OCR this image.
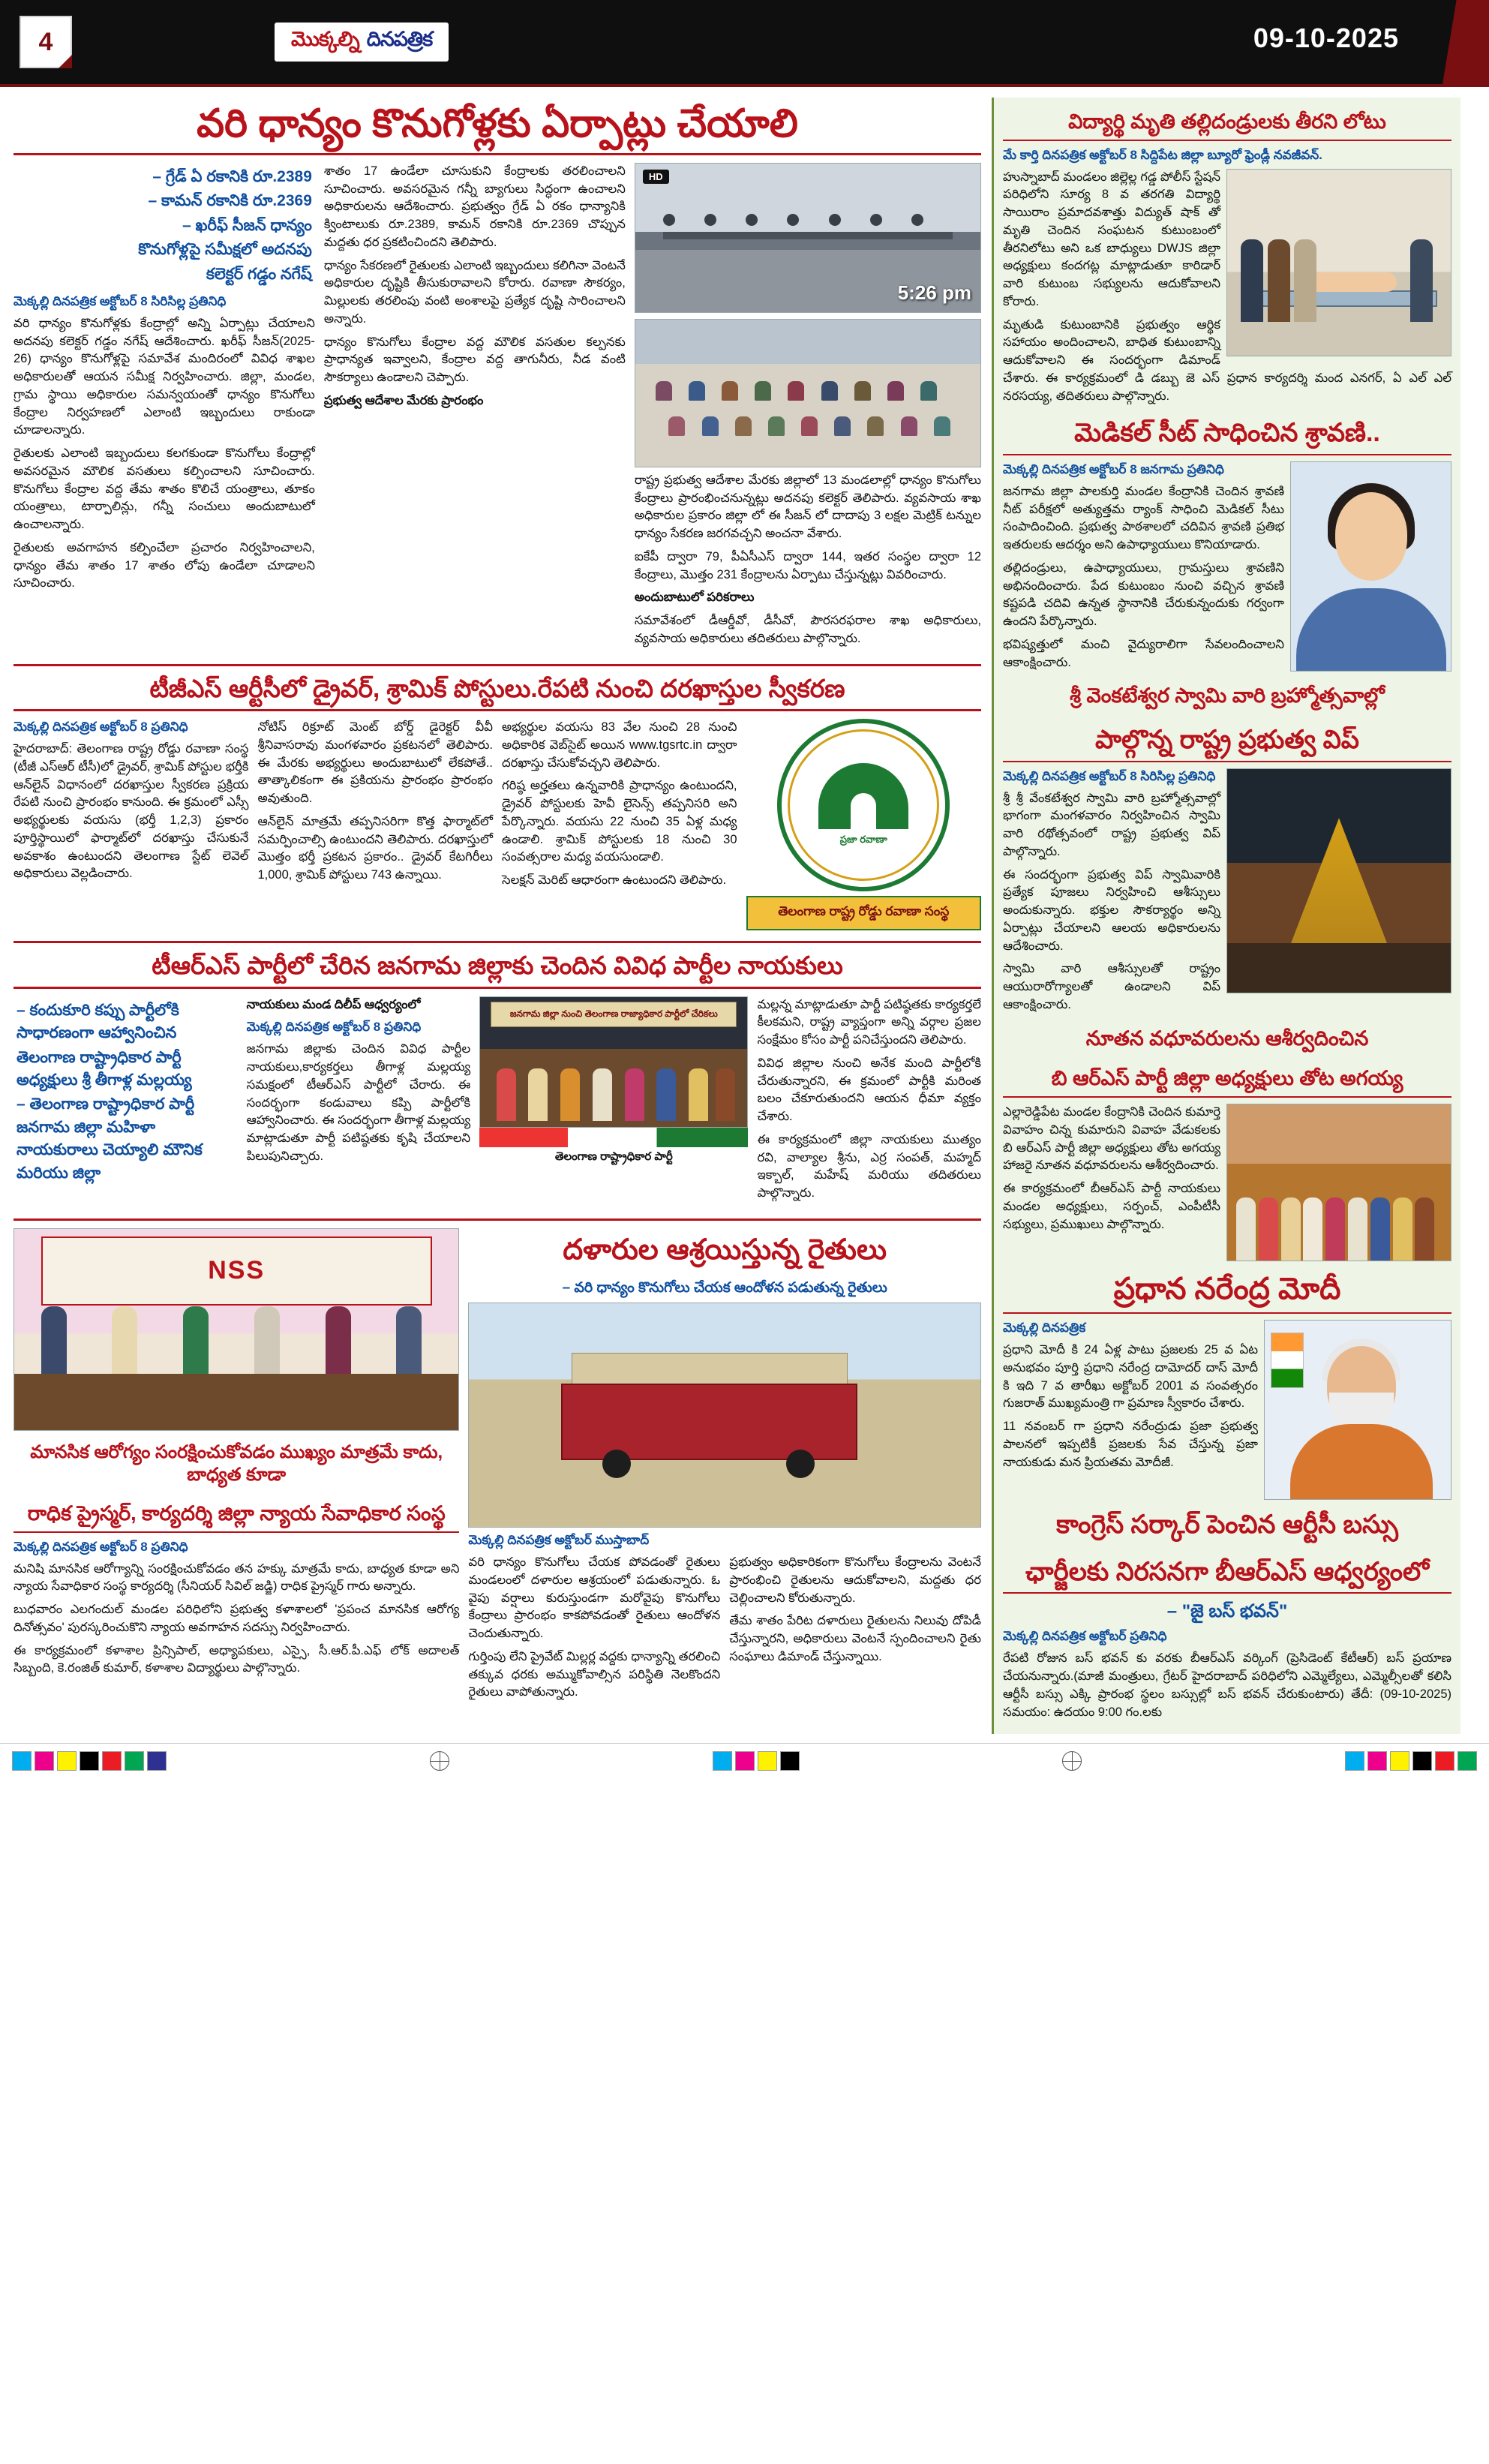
4	మొక్కల్ని దినపత్రిక	09-10-2025
వరి ధాన్యం కొనుగోళ్లకు ఏర్పాట్లు చేయాలి
– గ్రేడ్ ఏ రకానికి రూ.2389
– కామన్ రకానికి రూ.2369
– ఖరీఫ్ సీజన్ ధాన్యం
కొనుగోళ్లపై సమీక్షలో అదనపు
కలెక్టర్ గడ్డం నగేష్
మెక్కల్లి దినపత్రిక అక్టోబర్ 8 సిరిసిల్ల ప్రతినిధి

వరి ధాన్యం కొనుగోళ్లకు కేంద్రాల్లో అన్ని ఏర్పాట్లు చేయాలని అదనపు కలెక్టర్ గడ్డం నగేష్ ఆదేశించారు. ఖరీఫ్ సీజన్(2025-26) ధాన్యం కొనుగోళ్లపై సమావేశ మందిరంలో వివిధ శాఖల అధికారులతో ఆయన సమీక్ష నిర్వహించారు. జిల్లా, మండల, గ్రామ స్థాయి అధికారుల సమన్వయంతో ధాన్యం కొనుగోలు కేంద్రాల నిర్వహణలో ఎలాంటి ఇబ్బందులు రాకుండా చూడాలన్నారు.

రైతులకు ఎలాంటి ఇబ్బందులు కలగకుండా కొనుగోలు కేంద్రాల్లో అవసరమైన మౌలిక వసతులు కల్పించాలని సూచించారు. కొనుగోలు కేంద్రాల వద్ద తేమ శాతం కొలిచే యంత్రాలు, తూకం యంత్రాలు, టార్పాలిన్లు, గన్నీ సంచులు అందుబాటులో ఉంచాలన్నారు.

రైతులకు అవగాహన కల్పించేలా ప్రచారం నిర్వహించాలని, ధాన్యం తేమ శాతం 17 శాతం లోపు ఉండేలా చూడాలని సూచించారు.

శాతం 17 ఉండేలా చూసుకుని కేంద్రాలకు తరలించాలని సూచించారు. అవసరమైన గన్నీ బ్యాగులు సిద్ధంగా ఉంచాలని అధికారులను ఆదేశించారు. ప్రభుత్వం గ్రేడ్ ఏ రకం ధాన్యానికి క్వింటాలుకు రూ.2389, కామన్ రకానికి రూ.2369 చొప్పున మద్దతు ధర ప్రకటించిందని తెలిపారు.

ధాన్యం సేకరణలో రైతులకు ఎలాంటి ఇబ్బందులు కలిగినా వెంటనే అధికారుల దృష్టికి తీసుకురావాలని కోరారు. రవాణా సౌకర్యం, మిల్లులకు తరలింపు వంటి అంశాలపై ప్రత్యేక దృష్టి సారించాలని అన్నారు.

ధాన్యం కొనుగోలు కేంద్రాల వద్ద మౌలిక వసతుల కల్పనకు ప్రాధాన్యత ఇవ్వాలని, కేంద్రాల వద్ద తాగునీరు, నీడ వంటి సౌకర్యాలు ఉండాలని చెప్పారు.

ప్రభుత్వ ఆదేశాల మేరకు ప్రారంభం

HD
5:26 pm

రాష్ట్ర ప్రభుత్వ ఆదేశాల మేరకు జిల్లాలో 13 మండలాల్లో ధాన్యం కొనుగోలు కేంద్రాలు ప్రారంభించనున్నట్లు అదనపు కలెక్టర్ తెలిపారు. వ్యవసాయ శాఖ అధికారుల ప్రకారం జిల్లా లో ఈ సీజన్ లో దాదాపు 3 లక్షల మెట్రిక్ టన్నుల ధాన్యం సేకరణ జరగవచ్చని అంచనా వేశారు.

ఐకేపీ ద్వారా 79, పీఏసీఎస్ ద్వారా 144, ఇతర సంస్థల ద్వారా 12 కేంద్రాలు, మొత్తం 231 కేంద్రాలను ఏర్పాటు చేస్తున్నట్లు వివరించారు.

అందుబాటులో పరికరాలు

సమావేశంలో డీఆర్డీవో, డీసీవో, పౌరసరఫరాల శాఖ అధికారులు, వ్యవసాయ అధికారులు తదితరులు పాల్గొన్నారు.

టీజీఎస్ ఆర్టీసీలో డ్రైవర్, శ్రామిక్ పోస్టులు.రేపటి నుంచి దరఖాస్తుల స్వీకరణ
మెక్కల్లి దినపత్రిక అక్టోబర్ 8 ప్రతినిధి

హైదరాబాద్: తెలంగాణ రాష్ట్ర రోడ్డు రవాణా సంస్థ (టీజీ ఎస్ఆర్ టీసీ)లో డ్రైవర్, శ్రామిక్ పోస్టుల భర్తీకి ఆన్‌లైన్ విధానంలో దరఖాస్తుల స్వీకరణ ప్రక్రియ రేపటి నుంచి ప్రారంభం కానుంది. ఈ క్రమంలో ఎస్సీ అభ్యర్థులకు వయసు (భర్తీ 1,2,3) ప్రకారం పూర్తిస్థాయిలో ఫార్మాట్‌లో దరఖాస్తు చేసుకునే అవకాశం ఉంటుందని తెలంగాణ స్టేట్ లెవెల్ అధికారులు వెల్లడించారు.

నోటిస్ రిక్రూట్ మెంట్ బోర్డ్ డైరెక్టర్ వీవీ శ్రీనివాసరావు మంగళవారం ప్రకటనలో తెలిపారు. ఈ మేరకు అభ్యర్థులు అందుబాటులో లేకపోతే.. తాత్కాలికంగా ఈ ప్రకియను ప్రారంభం ప్రారంభం అవుతుంది.

ఆన్‌లైన్ మాత్రమే తప్పనిసరిగా కొత్త ఫార్మాట్‌లో సమర్పించాల్సి ఉంటుందని తెలిపారు. దరఖాస్తులో మొత్తం భర్తీ ప్రకటన ప్రకారం.. డ్రైవర్ కేటగిరీలు 1,000, శ్రామిక్ పోస్టులు 743 ఉన్నాయి.

అభ్యర్థుల వయసు 83 వేల నుంచి 28 నుంచి అధికారిక వెబ్‌సైట్ అయిన www.tgsrtc.in ద్వారా దరఖాస్తు చేసుకోవచ్చని తెలిపారు.

గరిష్ఠ అర్హతలు ఉన్నవారికి ప్రాధాన్యం ఉంటుందని, డ్రైవర్ పోస్టులకు హెవీ లైసెన్స్ తప్పనిసరి అని పేర్కొన్నారు. వయసు 22 నుంచి 35 ఏళ్ల మధ్య ఉండాలి. శ్రామిక్ పోస్టులకు 18 నుంచి 30 సంవత్సరాల మధ్య వయసుండాలి.

సెలక్షన్ మెరిట్ ఆధారంగా ఉంటుందని తెలిపారు.

ప్రజా రవాణా
తెలంగాణ రాష్ట్ర రోడ్డు రవాణా సంస్థ
టీఆర్ఎస్ పార్టీలో చేరిన జనగామ జిల్లాకు చెందిన వివిధ పార్టీల నాయకులు
– కందుకూరి కప్పు పార్టీలోకి సాధారణంగా ఆహ్వానించిన
తెలంగాణ రాష్ట్రాధికార పార్టీ అధ్యక్షులు శ్రీ తీగాళ్ల మల్లయ్య
– తెలంగాణ రాష్ట్రాధికార పార్టీ జనగామ జిల్లా మహిళా నాయకురాలు చెయ్యాలి మౌనిక మరియు జిల్లా

నాయకులు మండ దిలీప్ ఆధ్వర్యంలో

మెక్కల్లి దినపత్రిక అక్టోబర్ 8 ప్రతినిధి

జనగామ జిల్లాకు చెందిన వివిధ పార్టీల నాయకులు,కార్యకర్తలు తీగాళ్ల మల్లయ్య సమక్షంలో టీఆర్ఎస్ పార్టీలో చేరారు. ఈ సందర్భంగా కండువాలు కప్పి పార్టీలోకి ఆహ్వానించారు. ఈ సందర్భంగా తీగాళ్ల మల్లయ్య మాట్లాడుతూ పార్టీ పటిష్ఠతకు కృషి చేయాలని పిలుపునిచ్చారు.

జనగామ జిల్లా నుంచి తెలంగాణ రాజ్యాధికార పార్టీలో చేరికలు
తెలంగాణ రాష్ట్రాధికార పార్టీ

మల్లన్న మాట్లాడుతూ పార్టీ పటిష్ఠతకు కార్యకర్తలే కీలకమని, రాష్ట్ర వ్యాప్తంగా అన్ని వర్గాల ప్రజల సంక్షేమం కోసం పార్టీ పనిచేస్తుందని తెలిపారు.

వివిధ జిల్లాల నుంచి అనేక మంది పార్టీలోకి చేరుతున్నారని, ఈ క్రమంలో పార్టీకి మరింత బలం చేకూరుతుందని ఆయన ధీమా వ్యక్తం చేశారు.

ఈ కార్యక్రమంలో జిల్లా నాయకులు ముత్యం రవి, వాల్యాల శ్రీను, ఎర్ర సంపత్, మహ్మద్ ఇక్బాల్, మహేష్ మరియు తదితరులు పాల్గొన్నారు.

NSS
మానసిక ఆరోగ్యం సంరక్షించుకోవడం ముఖ్యం మాత్రమే కాదు, బాధ్యత కూడా
రాధిక ప్రైస్మర్, కార్యదర్శి జిల్లా న్యాయ సేవాధికార సంస్థ
మెక్కల్లి దినపత్రిక అక్టోబర్ 8 ప్రతినిధి

మనిషి మానసిక ఆరోగ్యాన్ని సంరక్షించుకోవడం తన హక్కు మాత్రమే కాదు, బాధ్యత కూడా అని న్యాయ సేవాధికార సంస్థ కార్యదర్శి (సీనియర్ సివిల్ జడ్జి) రాధిక ప్రైస్మర్ గారు అన్నారు.

బుధవారం ఎలగందుల్ మండల పరిధిలోని ప్రభుత్వ కళాశాలలో 'ప్రపంచ మానసిక ఆరోగ్య దినోత్సవం' పురస్కరించుకొని న్యాయ అవగాహన సదస్సు నిర్వహించారు.

ఈ కార్యక్రమంలో కళాశాల ప్రిన్సిపాల్, అధ్యాపకులు, ఎస్సై, సీ.ఆర్.పీ.ఎఫ్ లోక్ అదాలత్ సిబ్బంది, కె.రంజిత్ కుమార్, కళాశాల విద్యార్థులు పాల్గొన్నారు.

దళారుల ఆశ్రయిస్తున్న రైతులు
– వరి ధాన్యం కొనుగోలు చేయక ఆందోళన పడుతున్న రైతులు
మెక్కల్లి దినపత్రిక అక్టోబర్ ముస్తాబాద్

వరి ధాన్యం కొనుగోలు చేయక పోవడంతో రైతులు మండలంలో దళారుల ఆశ్రయంలో పడుతున్నారు. ఓ వైపు వర్షాలు కురుస్తుండగా మరోవైపు కొనుగోలు కేంద్రాలు ప్రారంభం కాకపోవడంతో రైతులు ఆందోళన చెందుతున్నారు.

గుర్తింపు లేని ప్రైవేట్ మిల్లర్ల వద్దకు ధాన్యాన్ని తరలించి తక్కువ ధరకు అమ్ముకోవాల్సిన పరిస్థితి నెలకొందని రైతులు వాపోతున్నారు.

ప్రభుత్వం అధికారికంగా కొనుగోలు కేంద్రాలను వెంటనే ప్రారంభించి రైతులను ఆదుకోవాలని, మద్దతు ధర చెల్లించాలని కోరుతున్నారు.

తేమ శాతం పేరిట దళారులు రైతులను నిలువు దోపిడీ చేస్తున్నారని, అధికారులు వెంటనే స్పందించాలని రైతు సంఘాలు డిమాండ్ చేస్తున్నాయి.

విద్యార్థి మృతి తల్లిదండ్రులకు తీరని లోటు
మే కార్తి దినపత్రిక అక్టోబర్ 8 సిద్దిపేట జిల్లా బ్యూరో ఫ్రెండ్లీ నవజీవన్.

హుస్నాబాద్ మండలం జిల్లెల్ల గడ్డ పోలీస్ స్టేషన్ పరిధిలోని సూర్య 8 వ తరగతి విద్యార్థి సాయిరాం ప్రమాదవశాత్తు విద్యుత్ షాక్ తో మృతి చెందిన సంఘటన కుటుంబంలో తీరనిలోటు అని ఒక బాధ్యులు DWJS జిల్లా అధ్యక్షులు కందగట్ల మాట్లాడుతూ కారిడార్ వారి కుటుంబ సభ్యులను ఆదుకోవాలని కోరారు.

మృతుడి కుటుంబానికి ప్రభుత్వం ఆర్థిక సహాయం అందించాలని, బాధిత కుటుంబాన్ని ఆదుకోవాలని ఈ సందర్భంగా డిమాండ్ చేశారు. ఈ కార్యక్రమంలో డి డబ్బు జె ఎస్ ప్రధాన కార్యదర్శి మంద ఎనగర్, ఏ ఎల్ ఎల్ నరసయ్య, తదితరులు పాల్గొన్నారు.

మెడికల్ సీట్ సాధించిన శ్రావణి..
మెక్కల్లి దినపత్రిక అక్టోబర్ 8 జనగామ ప్రతినిధి

జనగామ జిల్లా పాలకుర్తి మండల కేంద్రానికి చెందిన శ్రావణి నీట్ పరీక్షలో అత్యుత్తమ ర్యాంక్ సాధించి మెడికల్ సీటు సంపాదించింది. ప్రభుత్వ పాఠశాలలో చదివిన శ్రావణి ప్రతిభ ఇతరులకు ఆదర్శం అని ఉపాధ్యాయులు కొనియాడారు.

తల్లిదండ్రులు, ఉపాధ్యాయులు, గ్రామస్తులు శ్రావణిని అభినందించారు. పేద కుటుంబం నుంచి వచ్చిన శ్రావణి కష్టపడి చదివి ఉన్నత స్థానానికి చేరుకున్నందుకు గర్వంగా ఉందని పేర్కొన్నారు.

భవిష్యత్తులో మంచి వైద్యురాలిగా సేవలందించాలని ఆకాంక్షించారు.

శ్రీ వెంకటేశ్వర స్వామి వారి బ్రహ్మోత్సవాల్లో
పాల్గొన్న రాష్ట్ర ప్రభుత్వ విప్
మెక్కల్లి దినపత్రిక అక్టోబర్ 8 సిరిసిల్ల ప్రతినిధి

శ్రీ శ్రీ వేంకటేశ్వర స్వామి వారి బ్రహ్మోత్సవాల్లో భాగంగా మంగళవారం నిర్వహించిన స్వామి వారి రథోత్సవంలో రాష్ట్ర ప్రభుత్వ విప్ పాల్గొన్నారు.

ఈ సందర్భంగా ప్రభుత్వ విప్ స్వామివారికి ప్రత్యేక పూజలు నిర్వహించి ఆశీస్సులు అందుకున్నారు. భక్తుల సౌకర్యార్థం అన్ని ఏర్పాట్లు చేయాలని ఆలయ అధికారులను ఆదేశించారు.

స్వామి వారి ఆశీస్సులతో రాష్ట్రం ఆయురారోగ్యాలతో ఉండాలని విప్ ఆకాంక్షించారు.

నూతన వధూవరులను ఆశీర్వదించిన
బి ఆర్ఎస్ పార్టీ జిల్లా అధ్యక్షులు తోట అగయ్య

ఎల్లారెడ్డిపేట మండల కేంద్రానికి చెందిన కుమార్తె వివాహం చిన్న కుమారుని వివాహ వేడుకలకు బి ఆర్ఎస్ పార్టీ జిల్లా అధ్యక్షులు తోట అగయ్య హాజరై నూతన వధూవరులను ఆశీర్వదించారు.

ఈ కార్యక్రమంలో బీఆర్ఎస్ పార్టీ నాయకులు మండల అధ్యక్షులు, సర్పంచ్, ఎంపీటీసీ సభ్యులు, ప్రముఖులు పాల్గొన్నారు.

ప్రధాన నరేంద్ర మోదీ
మెక్కల్లి దినపత్రిక

ప్రధాని మోదీ కి 24 ఏళ్ల పాటు ప్రజలకు 25 వ ఏట అనుభవం పూర్తి ప్రధాని నరేంద్ర దామోదర్ దాస్ మోదీ కి ఇది 7 వ తారీఖు అక్టోబర్ 2001 వ సంవత్సరం గుజరాత్ ముఖ్యమంత్రి గా ప్రమాణ స్వీకారం చేశారు.

11 నవంబర్ గా ప్రధాని నరేంద్రుడు ప్రజా ప్రభుత్వ పాలనలో ఇప్పటికీ ప్రజలకు సేవ చేస్తున్న ప్రజా నాయకుడు మన ప్రియతమ మోదీజీ.

కాంగ్రెస్ సర్కార్ పెంచిన ఆర్టీసీ బస్సు
ఛార్జీలకు నిరసనగా బీఆర్ఎస్ ఆధ్వర్యంలో
– "జై బస్ భవన్"
మెక్కల్లి దినపత్రిక అక్టోబర్ ప్రతినిధి

రేపటి రోజున బస్ భవన్ కు వరకు బీఆర్ఎస్ వర్కింగ్ (ప్రెసిడెంట్ కేటీఆర్) బస్ ప్రయాణ చేయనున్నారు.(మాజీ మంత్రులు, గ్రేటర్ హైదరాబాద్ పరిధిలోని ఎమ్మెల్యేలు, ఎమ్మెల్సీలతో కలిసి ఆర్టీసీ బస్సు ఎక్కి ప్రారంభ స్థలం బస్సుల్లో బస్ భవన్ చేరుకుంటారు) తేదీ: (09-10-2025) సమయం: ఉదయం 9:00 గం.లకు
